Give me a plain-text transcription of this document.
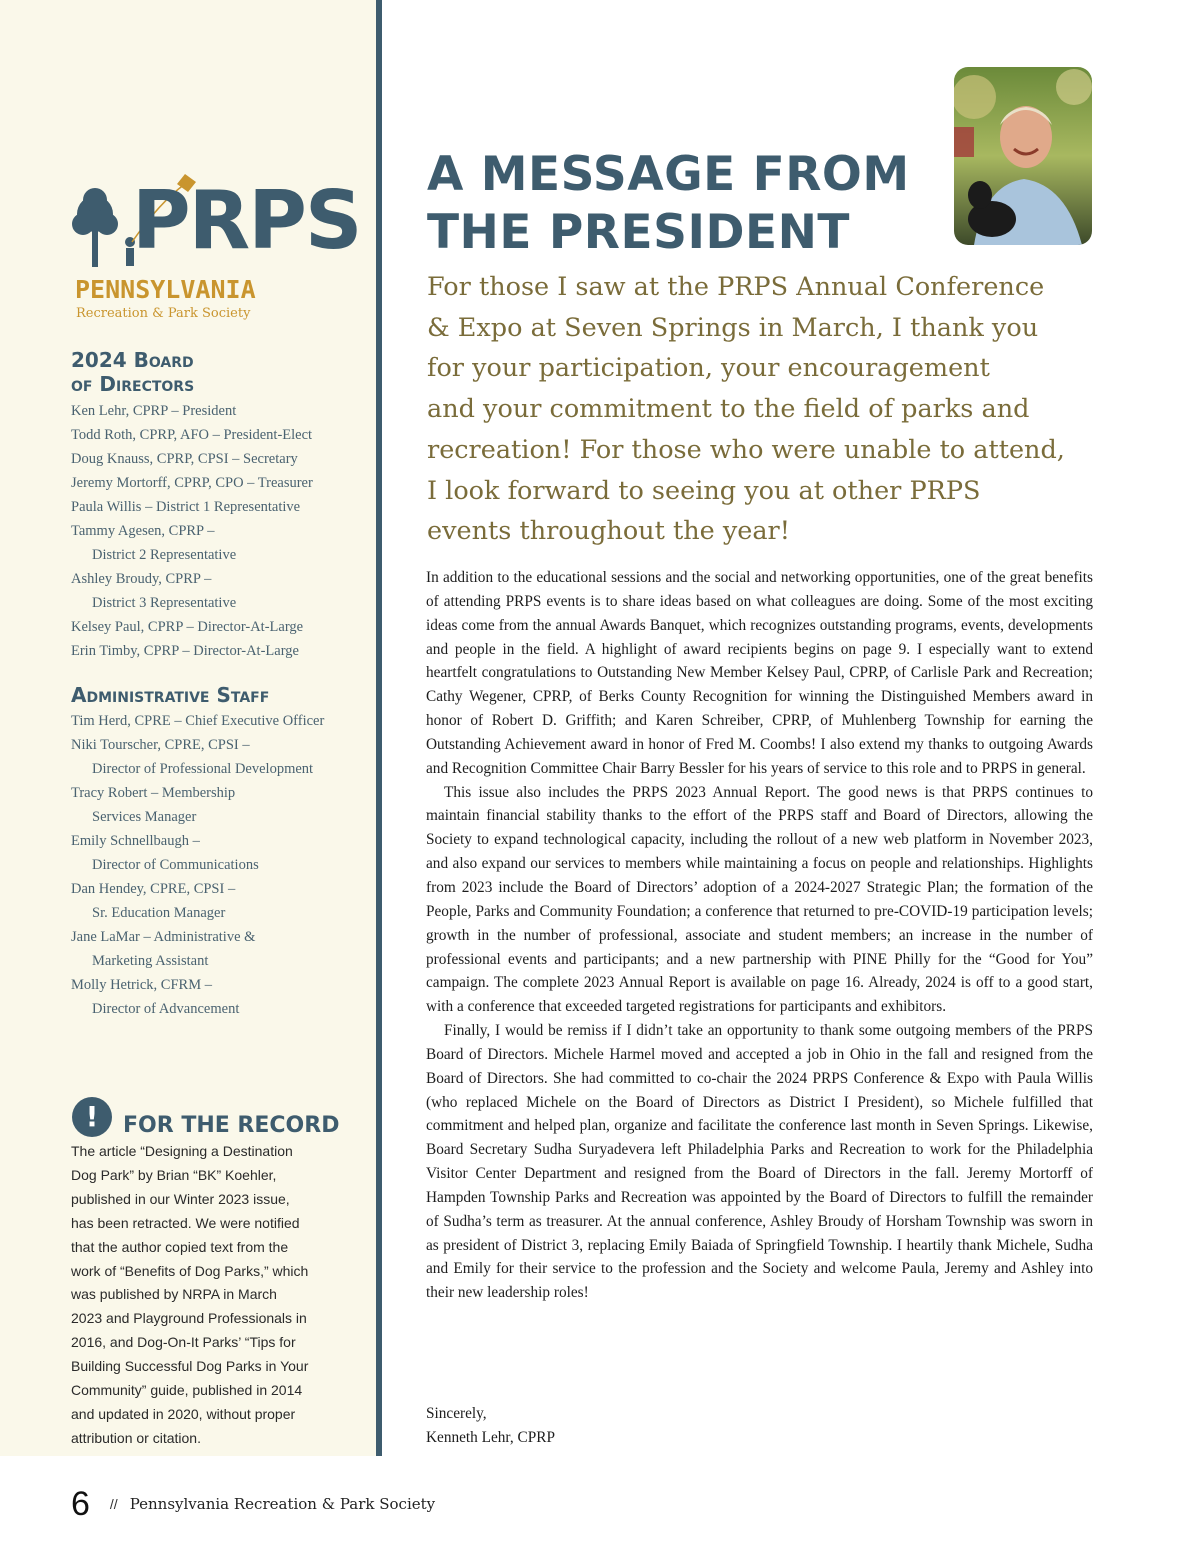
PRPS
PENNSYLVANIA
Recreation & Park Society
2024 Board
of Directors
Ken Lehr, CPRP – President
Todd Roth, CPRP, AFO – President-Elect
Doug Knauss, CPRP, CPSI – Secretary
Jeremy Mortorff, CPRP, CPO – Treasurer
Paula Willis – District 1 Representative
Tammy Agesen, CPRP –
District 2 Representative
Ashley Broudy, CPRP –
District 3 Representative
Kelsey Paul, CPRP – Director-At-Large
Erin Timby, CPRP – Director-At-Large
Administrative Staff
Tim Herd, CPRE – Chief Executive Officer
Niki Tourscher, CPRE, CPSI –
Director of Professional Development
Tracy Robert – Membership
Services Manager
Emily Schnellbaugh –
Director of Communications
Dan Hendey, CPRE, CPSI –
Sr. Education Manager
Jane LaMar – Administrative &
Marketing Assistant
Molly Hetrick, CFRM –
Director of Advancement
!	FOR THE RECORD
The article “Designing a Destination
Dog Park” by Brian “BK” Koehler,
published in our Winter 2023 issue,
has been retracted. We were notified
that the author copied text from the
work of “Benefits of Dog Parks,” which
was published by NRPA in March
2023 and Playground Professionals in
2016, and Dog-On-It Parks’ “Tips for
Building Successful Dog Parks in Your
Community” guide, published in 2014
and updated in 2020, without proper
attribution or citation.
A MESSAGE FROM
THE PRESIDENT
For those I saw at the PRPS Annual Conference
& Expo at Seven Springs in March, I thank you
for your participation, your encouragement
and your commitment to the field of parks and
recreation! For those who were unable to attend,
I look forward to seeing you at other PRPS
events throughout the year!

In addition to the educational sessions and the social and networking opportunities, one of the great benefits of attending PRPS events is to share ideas based on what colleagues are doing. Some of the most exciting ideas come from the annual Awards Banquet, which recognizes outstanding programs, events, developments and people in the field. A highlight of award recipients begins on page 9. I especially want to extend heartfelt congratulations to Outstanding New Member Kelsey Paul, CPRP, of Carlisle Park and Recreation; Cathy Wegener, CPRP, of Berks County Recognition for winning the Distinguished Members award in honor of Robert D. Griffith; and Karen Schreiber, CPRP, of Muhlenberg Township for earning the Outstanding Achievement award in honor of Fred M. Coombs! I also extend my thanks to outgoing Awards and Recognition Committee Chair Barry Bessler for his years of service to this role and to PRPS in general.

This issue also includes the PRPS 2023 Annual Report. The good news is that PRPS continues to maintain financial stability thanks to the effort of the PRPS staff and Board of Directors, allowing the Society to expand technological capacity, including the rollout of a new web platform in November 2023, and also expand our services to members while maintaining a focus on people and relationships. Highlights from 2023 include the Board of Directors’ adoption of a 2024-2027 Strategic Plan; the formation of the People, Parks and Community Foundation; a conference that returned to pre-COVID-19 participation levels; growth in the number of professional, associate and student members; an increase in the number of professional events and participants; and a new partnership with PINE Philly for the “Good for You” campaign. The complete 2023 Annual Report is available on page 16. Already, 2024 is off to a good start, with a conference that exceeded targeted registrations for participants and exhibitors.

Finally, I would be remiss if I didn’t take an opportunity to thank some outgoing members of the PRPS Board of Directors. Michele Harmel moved and accepted a job in Ohio in the fall and resigned from the Board of Directors. She had committed to co-chair the 2024 PRPS Conference & Expo with Paula Willis (who replaced Michele on the Board of Directors as District I President), so Michele fulfilled that commitment and helped plan, organize and facilitate the conference last month in Seven Springs. Likewise, Board Secretary Sudha Suryadevera left Philadelphia Parks and Recreation to work for the Philadelphia Visitor Center Department and resigned from the Board of Directors in the fall. Jeremy Mortorff of Hampden Township Parks and Recreation was appointed by the Board of Directors to fulfill the remainder of Sudha’s term as treasurer. At the annual conference, Ashley Broudy of Horsham Township was sworn in as president of District 3, replacing Emily Baiada of Springfield Township. I heartily thank Michele, Sudha and Emily for their service to the profession and the Society and welcome Paula, Jeremy and Ashley into their new leadership roles!

Sincerely,
Kenneth Lehr, CPRP
6 // Pennsylvania Recreation & Park Society
